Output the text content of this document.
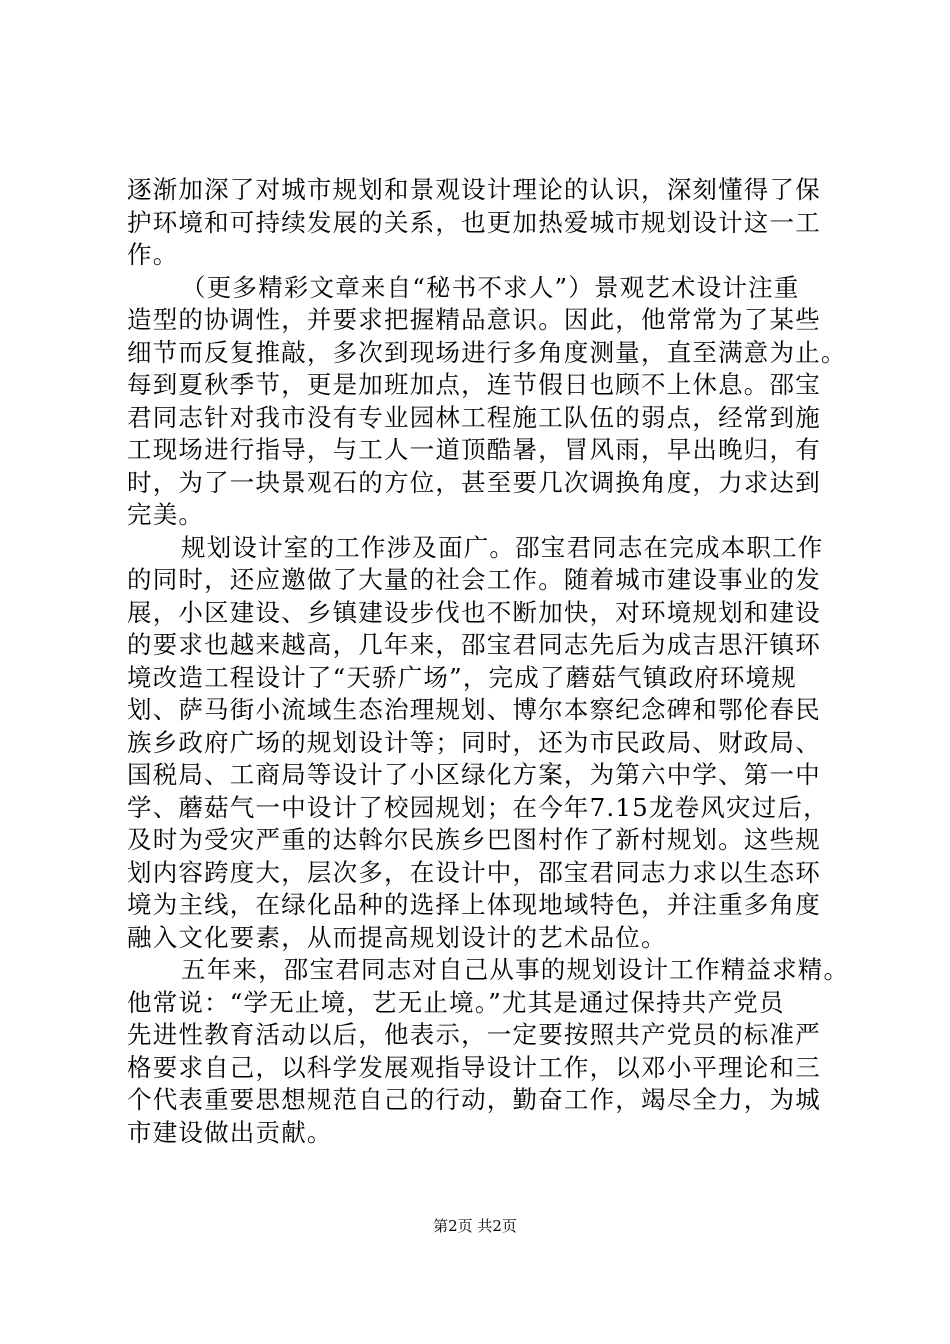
逐渐加深了对城市规划和景观设计理论的认识，深刻懂得了保
护环境和可持续发展的关系，也更加热爱城市规划设计这一工
作。
（更多精彩文章来自“秘书不求人”）景观艺术设计注重
造型的协调性，并要求把握精品意识。因此，他常常为了某些
细节而反复推敲，多次到现场进行多角度测量，直至满意为止。
每到夏秋季节，更是加班加点，连节假日也顾不上休息。邵宝
君同志针对我市没有专业园林工程施工队伍的弱点，经常到施
工现场进行指导，与工人一道顶酷暑，冒风雨，早出晚归，有
时，为了一块景观石的方位，甚至要几次调换角度，力求达到
完美。
规划设计室的工作涉及面广。邵宝君同志在完成本职工作
的同时，还应邀做了大量的社会工作。随着城市建设事业的发
展，小区建设、乡镇建设步伐也不断加快，对环境规划和建设
的要求也越来越高，几年来，邵宝君同志先后为成吉思汗镇环
境改造工程设计了“天骄广场”，完成了蘑菇气镇政府环境规
划、萨马街小流域生态治理规划、博尔本察纪念碑和鄂伦春民
族乡政府广场的规划设计等；同时，还为市民政局、财政局、
国税局、工商局等设计了小区绿化方案，为第六中学、第一中
学、蘑菇气一中设计了校园规划；在今年7.15龙卷风灾过后，
及时为受灾严重的达斡尔民族乡巴图村作了新村规划。这些规
划内容跨度大，层次多，在设计中，邵宝君同志力求以生态环
境为主线，在绿化品种的选择上体现地域特色，并注重多角度
融入文化要素，从而提高规划设计的艺术品位。
五年来，邵宝君同志对自己从事的规划设计工作精益求精。
他常说：“学无止境，艺无止境。”尤其是通过保持共产党员
先进性教育活动以后，他表示，一定要按照共产党员的标准严
格要求自己，以科学发展观指导设计工作，以邓小平理论和三
个代表重要思想规范自己的行动，勤奋工作，竭尽全力，为城
市建设做出贡献。
第2页 共2页
